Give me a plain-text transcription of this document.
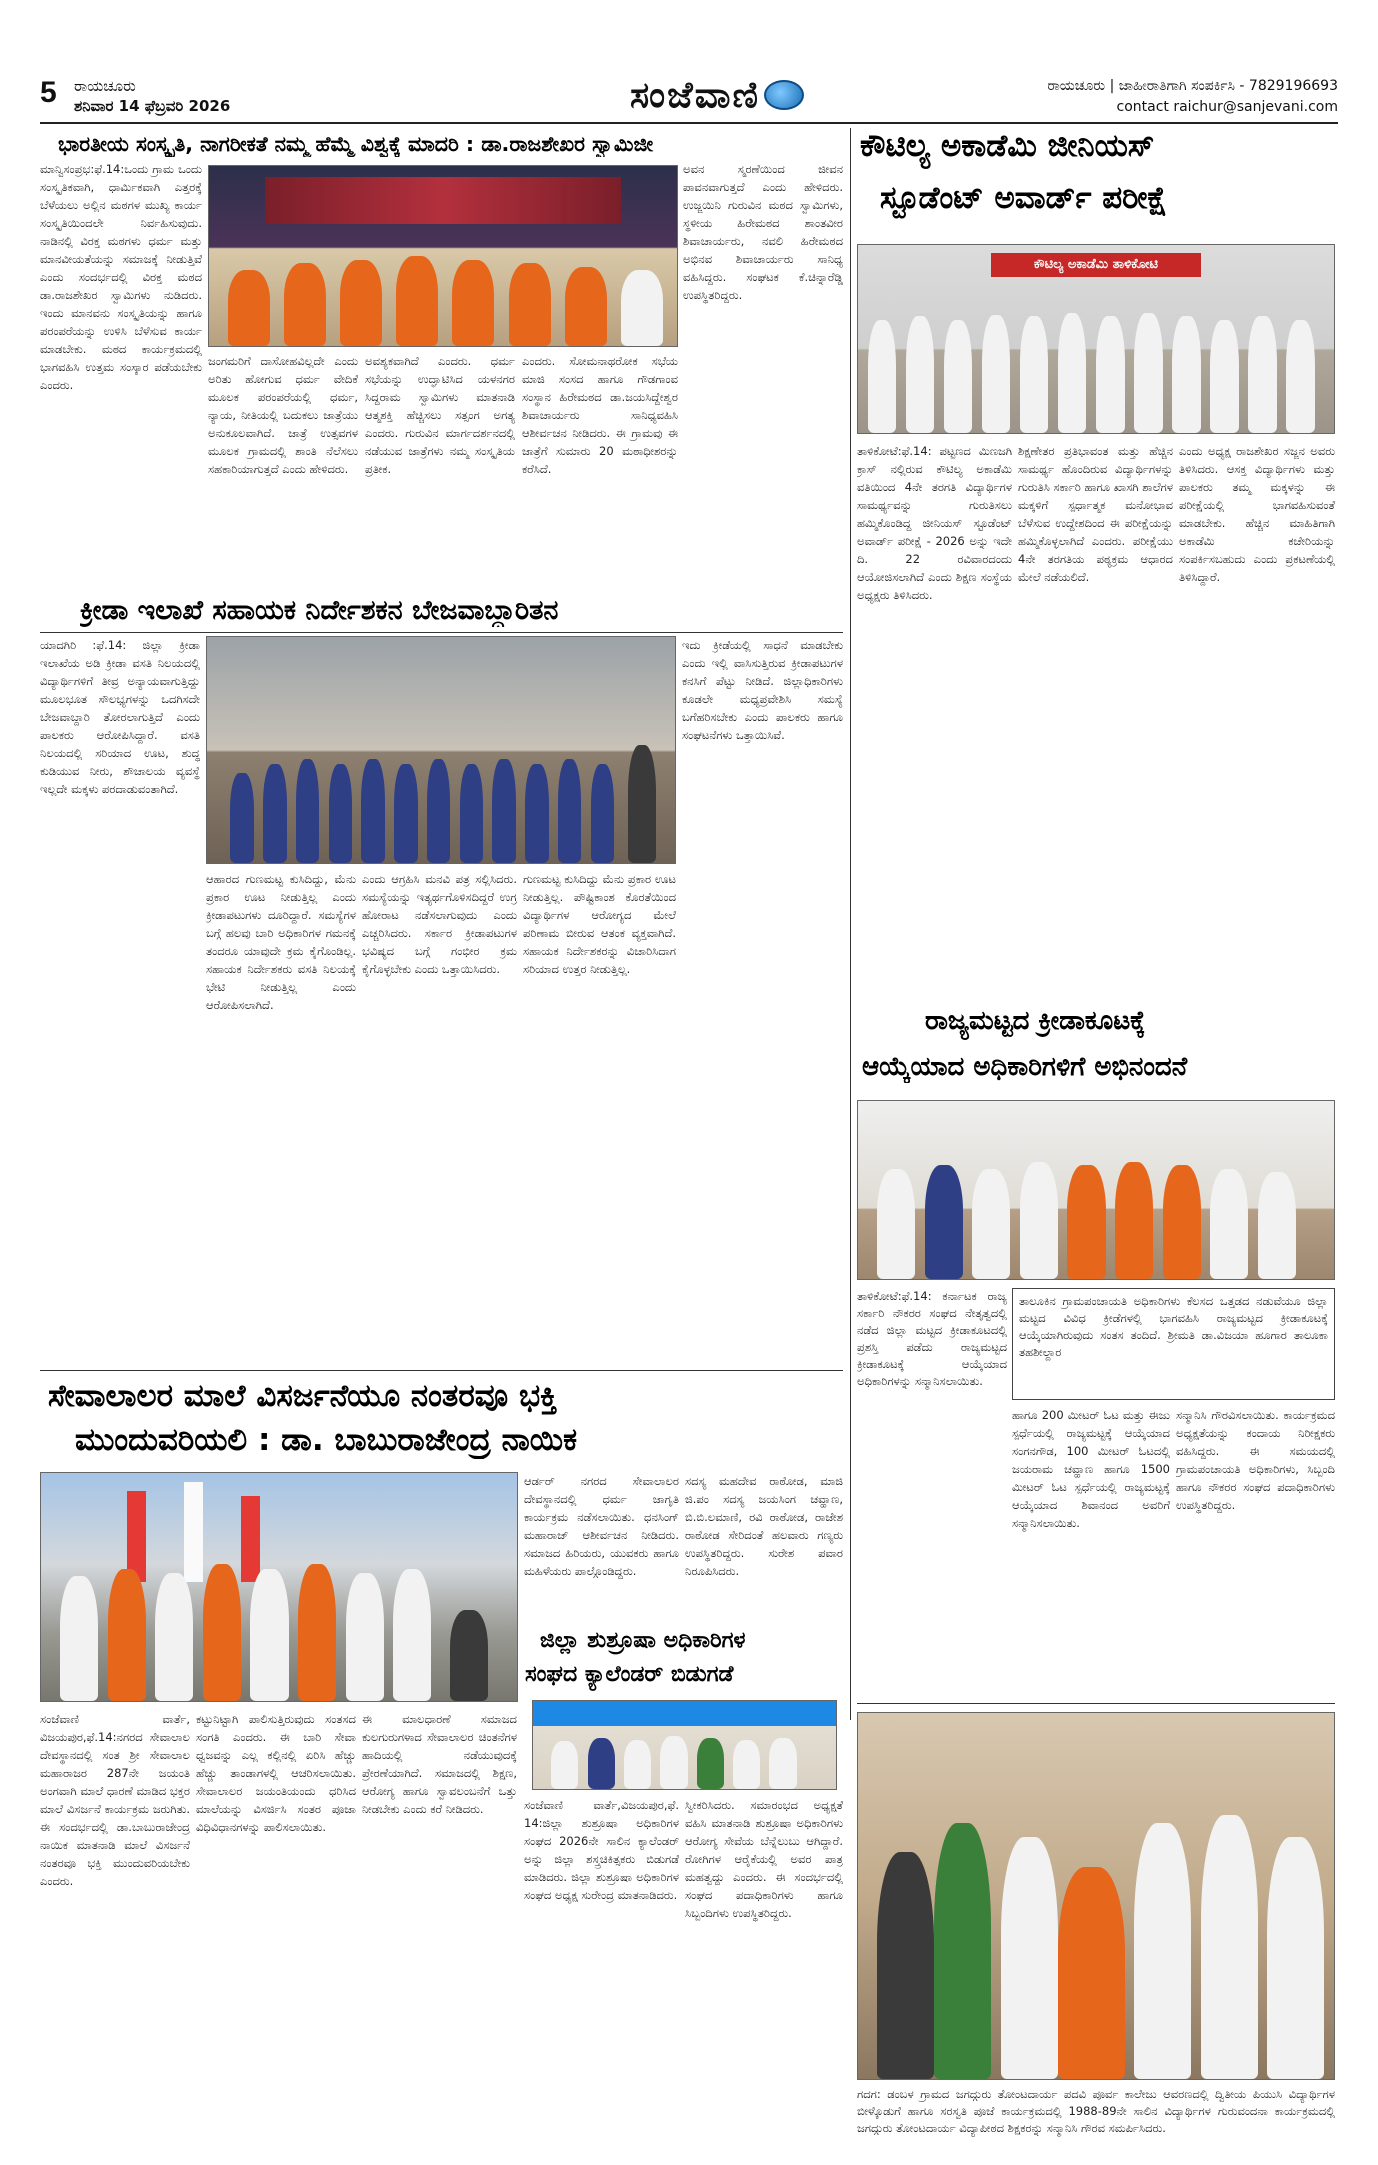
5 ರಾಯಚೂರು
ಶನಿವಾರ 14 ಫೆಬ್ರವರಿ 2026	ಸಂಜೆವಾಣಿ	ರಾಯಚೂರು | ಜಾಹೀರಾತಿಗಾಗಿ ಸಂಪರ್ಕಿಸಿ - 7829196693
contact raichur@sanjevani.com
ಭಾರತೀಯ ಸಂಸ್ಕೃತಿ, ನಾಗರೀಕತೆ ನಮ್ಮ ಹೆಮ್ಮೆ ವಿಶ್ವಕ್ಕೆ ಮಾದರಿ : ಡಾ.ರಾಜಶೇಖರ ಸ್ವಾಮಿಜೀ
ಮಾನ್ವಿಸಂಪ್ರಭ:ಫೆ.14:ಒಂದು ಗ್ರಾಮ ಒಂದು ಸಂಸ್ಕೃತಿಕವಾಗಿ, ಧಾರ್ಮಿಕವಾಗಿ ಎತ್ತರಕ್ಕೆ ಬೆಳೆಯಲು ಅಲ್ಲಿನ ಮಠಗಳ ಮುಖ್ಯ ಕಾರ್ಯ ಸಂಸ್ಕೃತಿಯಿಂದಲೇ ನಿರ್ವಹಿಸುವುದು. ನಾಡಿನಲ್ಲಿ ವಿರಕ್ತ ಮಠಗಳು ಧರ್ಮ ಮತ್ತು ಮಾನವೀಯತೆಯನ್ನು ಸಮಾಜಕ್ಕೆ ನೀಡುತ್ತಿವೆ ಎಂದು ಸಂದರ್ಭದಲ್ಲಿ ವಿರಕ್ತ ಮಠದ ಡಾ.ರಾಜಶೇಖರ ಸ್ವಾಮಿಗಳು ನುಡಿದರು. ಇಂದು ಮಾನವನು ಸಂಸ್ಕೃತಿಯನ್ನು ಹಾಗೂ ಪರಂಪರೆಯನ್ನು ಉಳಿಸಿ ಬೆಳೆಸುವ ಕಾರ್ಯ ಮಾಡಬೇಕು. ಮಠದ ಕಾರ್ಯಕ್ರಮದಲ್ಲಿ ಭಾಗವಹಿಸಿ ಉತ್ತಮ ಸಂಸ್ಕಾರ ಪಡೆಯಬೇಕು ಎಂದರು.
ಅವನ ಸ್ಮರಣೆಯಿಂದ ಜೀವನ ಪಾವನವಾಗುತ್ತದೆ ಎಂದು ಹೇಳಿದರು. ಉಜ್ಜಯಿನಿ ಗುರುವಿನ ಮಠದ ಸ್ವಾಮಿಗಳು, ಸ್ಥಳೀಯ ಹಿರೇಮಠದ ಶಾಂತವೀರ ಶಿವಾಚಾರ್ಯರು, ನವಲಿ ಹಿರೇಮಠದ ಅಭಿನವ ಶಿವಾಚಾರ್ಯರು ಸಾನಿಧ್ಯ ವಹಿಸಿದ್ದರು. ಸಂಘಟಕ ಕೆ.ಚಿನ್ನಾರೆಡ್ಡಿ ಉಪಸ್ಥಿತರಿದ್ದರು.
ಜಂಗಮರಿಗೆ ದಾಸೋಹವಿಲ್ಲದೇ ಎಂದು ಅರಿತು ಹೋಗುವ ಧರ್ಮ ವೇದಿಕೆ ಮೂಲಕ ಪರಂಪರೆಯಲ್ಲಿ ಧರ್ಮ, ನ್ಯಾಯ, ನೀತಿಯಲ್ಲಿ ಬದುಕಲು ಜಾತ್ರೆಯು ಅನುಕೂಲವಾಗಿದೆ. ಜಾತ್ರೆ ಉತ್ಸವಗಳ ಮೂಲಕ ಗ್ರಾಮದಲ್ಲಿ ಶಾಂತಿ ನೆಲೆಸಲು ಸಹಕಾರಿಯಾಗುತ್ತದೆ ಎಂದು ಹೇಳಿದರು.
ಅವಶ್ಯಕವಾಗಿದೆ ಎಂದರು. ಧರ್ಮ ಸಭೆಯನ್ನು ಉದ್ಘಾಟಿಸಿದ ಯಳನಗರ ಸಿದ್ದರಾಮ ಸ್ವಾಮಿಗಳು ಮಾತನಾಡಿ ಆತ್ಮಶಕ್ತಿ ಹೆಚ್ಚಿಸಲು ಸತ್ಸಂಗ ಅಗತ್ಯ ಎಂದರು. ಗುರುವಿನ ಮಾರ್ಗದರ್ಶನದಲ್ಲಿ ನಡೆಯುವ ಜಾತ್ರೆಗಳು ನಮ್ಮ ಸಂಸ್ಕೃತಿಯ ಪ್ರತೀಕ.
ಎಂದರು. ಸೋಮನಾಥರೋಕ ಸಭೆಯ ಮಾಜಿ ಸಂಸದ ಹಾಗೂ ಗೌಡಗಾಂವ ಸಂಸ್ಥಾನ ಹಿರೇಮಠದ ಡಾ.ಜಯಸಿದ್ದೇಶ್ವರ ಶಿವಾಚಾರ್ಯರು ಸಾನಿಧ್ಯವಹಿಸಿ ಆಶೀರ್ವಚನ ನೀಡಿದರು. ಈ ಗ್ರಾಮವು ಈ ಜಾತ್ರೆಗೆ ಸುಮಾರು 20 ಮಠಾಧೀಶರನ್ನು ಕರೆಸಿದೆ.
ಕೌಟಿಲ್ಯ ಅಕಾಡೆಮಿ ಜೀನಿಯಸ್
ಸ್ಟೂಡೆಂಟ್ ಅವಾರ್ಡ್ ಪರೀಕ್ಷೆ
ಕೌಟಿಲ್ಯ ಅಕಾಡೆಮಿ ತಾಳಿಕೋಟಿ
ತಾಳಿಕೋಟೆ:ಫೆ.14: ಪಟ್ಟಣದ ಮಿಣಜಗಿ ಕ್ರಾಸ್ ನಲ್ಲಿರುವ ಕೌಟಿಲ್ಯ ಅಕಾಡೆಮಿ ವತಿಯಿಂದ 4ನೇ ತರಗತಿ ವಿದ್ಯಾರ್ಥಿಗಳ ಸಾಮರ್ಥ್ಯವನ್ನು ಗುರುತಿಸಲು ಹಮ್ಮಿಕೊಂಡಿದ್ದ ಜೀನಿಯಸ್ ಸ್ಟೂಡೆಂಟ್ ಅವಾರ್ಡ್ ಪರೀಕ್ಷೆ - 2026 ಅನ್ನು ಇದೇ ದಿ. 22 ರವಿವಾರದಂದು ಆಯೋಜಿಸಲಾಗಿದೆ ಎಂದು ಶಿಕ್ಷಣ ಸಂಸ್ಥೆಯ ಅಧ್ಯಕ್ಷರು ತಿಳಿಸಿದರು.
ಶಿಕ್ಷಣೇತರ ಪ್ರತಿಭಾವಂತ ಮತ್ತು ಹೆಚ್ಚಿನ ಸಾಮರ್ಥ್ಯ ಹೊಂದಿರುವ ವಿದ್ಯಾರ್ಥಿಗಳನ್ನು ಗುರುತಿಸಿ ಸರ್ಕಾರಿ ಹಾಗೂ ಖಾಸಗಿ ಶಾಲೆಗಳ ಮಕ್ಕಳಿಗೆ ಸ್ಪರ್ಧಾತ್ಮಕ ಮನೋಭಾವ ಬೆಳೆಸುವ ಉದ್ದೇಶದಿಂದ ಈ ಪರೀಕ್ಷೆಯನ್ನು ಹಮ್ಮಿಕೊಳ್ಳಲಾಗಿದೆ ಎಂದರು. ಪರೀಕ್ಷೆಯು 4ನೇ ತರಗತಿಯ ಪಠ್ಯಕ್ರಮ ಆಧಾರದ ಮೇಲೆ ನಡೆಯಲಿದೆ.
ಎಂದು ಅಧ್ಯಕ್ಷ ರಾಜಶೇಖರ ಸಜ್ಜನ ಅವರು ತಿಳಿಸಿದರು. ಆಸಕ್ತ ವಿದ್ಯಾರ್ಥಿಗಳು ಮತ್ತು ಪಾಲಕರು ತಮ್ಮ ಮಕ್ಕಳನ್ನು ಈ ಪರೀಕ್ಷೆಯಲ್ಲಿ ಭಾಗವಹಿಸುವಂತೆ ಮಾಡಬೇಕು. ಹೆಚ್ಚಿನ ಮಾಹಿತಿಗಾಗಿ ಅಕಾಡೆಮಿ ಕಚೇರಿಯನ್ನು ಸಂಪರ್ಕಿಸಬಹುದು ಎಂದು ಪ್ರಕಟಣೆಯಲ್ಲಿ ತಿಳಿಸಿದ್ದಾರೆ.
ಕ್ರೀಡಾ ಇಲಾಖೆ ಸಹಾಯಕ ನಿರ್ದೇಶಕನ ಬೇಜವಾಬ್ದಾರಿತನ
ಯಾದಗಿರಿ :ಫೆ.14: ಜಿಲ್ಲಾ ಕ್ರೀಡಾ ಇಲಾಖೆಯ ಅಡಿ ಕ್ರೀಡಾ ವಸತಿ ನಿಲಯದಲ್ಲಿ ವಿದ್ಯಾರ್ಥಿಗಳಿಗೆ ತೀವ್ರ ಅನ್ಯಾಯವಾಗುತ್ತಿದ್ದು ಮೂಲಭೂತ ಸೌಲಭ್ಯಗಳನ್ನು ಒದಗಿಸದೇ ಬೇಜವಾಬ್ದಾರಿ ತೋರಲಾಗುತ್ತಿದೆ ಎಂದು ಪಾಲಕರು ಆರೋಪಿಸಿದ್ದಾರೆ. ವಸತಿ ನಿಲಯದಲ್ಲಿ ಸರಿಯಾದ ಊಟ, ಶುದ್ಧ ಕುಡಿಯುವ ನೀರು, ಶೌಚಾಲಯ ವ್ಯವಸ್ಥೆ ಇಲ್ಲದೇ ಮಕ್ಕಳು ಪರದಾಡುವಂತಾಗಿದೆ.
ಇದು ಕ್ರೀಡೆಯಲ್ಲಿ ಸಾಧನೆ ಮಾಡಬೇಕು ಎಂದು ಇಲ್ಲಿ ವಾಸಿಸುತ್ತಿರುವ ಕ್ರೀಡಾಪಟುಗಳ ಕನಸಿಗೆ ಪೆಟ್ಟು ನೀಡಿದೆ. ಜಿಲ್ಲಾಧಿಕಾರಿಗಳು ಕೂಡಲೇ ಮಧ್ಯಪ್ರವೇಶಿಸಿ ಸಮಸ್ಯೆ ಬಗೆಹರಿಸಬೇಕು ಎಂದು ಪಾಲಕರು ಹಾಗೂ ಸಂಘಟನೆಗಳು ಒತ್ತಾಯಿಸಿವೆ.
ಆಹಾರದ ಗುಣಮಟ್ಟ ಕುಸಿದಿದ್ದು, ಮೆನು ಪ್ರಕಾರ ಊಟ ನೀಡುತ್ತಿಲ್ಲ ಎಂದು ಕ್ರೀಡಾಪಟುಗಳು ದೂರಿದ್ದಾರೆ. ಸಮಸ್ಯೆಗಳ ಬಗ್ಗೆ ಹಲವು ಬಾರಿ ಅಧಿಕಾರಿಗಳ ಗಮನಕ್ಕೆ ತಂದರೂ ಯಾವುದೇ ಕ್ರಮ ಕೈಗೊಂಡಿಲ್ಲ. ಸಹಾಯಕ ನಿರ್ದೇಶಕರು ವಸತಿ ನಿಲಯಕ್ಕೆ ಭೇಟಿ ನೀಡುತ್ತಿಲ್ಲ ಎಂದು ಆರೋಪಿಸಲಾಗಿದೆ.
ಎಂದು ಆಗ್ರಹಿಸಿ ಮನವಿ ಪತ್ರ ಸಲ್ಲಿಸಿದರು. ಸಮಸ್ಯೆಯನ್ನು ಇತ್ಯರ್ಥಗೊಳಿಸದಿದ್ದರೆ ಉಗ್ರ ಹೋರಾಟ ನಡೆಸಲಾಗುವುದು ಎಂದು ಎಚ್ಚರಿಸಿದರು. ಸರ್ಕಾರ ಕ್ರೀಡಾಪಟುಗಳ ಭವಿಷ್ಯದ ಬಗ್ಗೆ ಗಂಭೀರ ಕ್ರಮ ಕೈಗೊಳ್ಳಬೇಕು ಎಂದು ಒತ್ತಾಯಿಸಿದರು.
ಗುಣಮಟ್ಟ ಕುಸಿದಿದ್ದು ಮೆನು ಪ್ರಕಾರ ಊಟ ನೀಡುತ್ತಿಲ್ಲ. ಪೌಷ್ಟಿಕಾಂಶ ಕೊರತೆಯಿಂದ ವಿದ್ಯಾರ್ಥಿಗಳ ಆರೋಗ್ಯದ ಮೇಲೆ ಪರಿಣಾಮ ಬೀರುವ ಆತಂಕ ವ್ಯಕ್ತವಾಗಿದೆ. ಸಹಾಯಕ ನಿರ್ದೇಶಕರನ್ನು ವಿಚಾರಿಸಿದಾಗ ಸರಿಯಾದ ಉತ್ತರ ನೀಡುತ್ತಿಲ್ಲ.
ರಾಜ್ಯಮಟ್ಟದ ಕ್ರೀಡಾಕೂಟಕ್ಕೆ
ಆಯ್ಕೆಯಾದ ಅಧಿಕಾರಿಗಳಿಗೆ ಅಭಿನಂದನೆ
ತಾಳಿಕೋಟೆ:ಫೆ.14: ಕರ್ನಾಟಕ ರಾಜ್ಯ ಸರ್ಕಾರಿ ನೌಕರರ ಸಂಘದ ನೇತೃತ್ವದಲ್ಲಿ ನಡೆದ ಜಿಲ್ಲಾ ಮಟ್ಟದ ಕ್ರೀಡಾಕೂಟದಲ್ಲಿ ಪ್ರಶಸ್ತಿ ಪಡೆದು ರಾಜ್ಯಮಟ್ಟದ ಕ್ರೀಡಾಕೂಟಕ್ಕೆ ಆಯ್ಕೆಯಾದ ಅಧಿಕಾರಿಗಳನ್ನು ಸನ್ಮಾನಿಸಲಾಯಿತು.
ತಾಲೂಕಿನ ಗ್ರಾಮಪಂಚಾಯತಿ ಅಧಿಕಾರಿಗಳು ಕೆಲಸದ ಒತ್ತಡದ ನಡುವೆಯೂ ಜಿಲ್ಲಾ ಮಟ್ಟದ ವಿವಿಧ ಕ್ರೀಡೆಗಳಲ್ಲಿ ಭಾಗವಹಿಸಿ ರಾಜ್ಯಮಟ್ಟದ ಕ್ರೀಡಾಕೂಟಕ್ಕೆ ಆಯ್ಕೆಯಾಗಿರುವುದು ಸಂತಸ ತಂದಿದೆ. ಶ್ರೀಮತಿ ಡಾ.ವಿಜಯಾ ಹೂಗಾರ ತಾಲೂಕಾ ತಹಶೀಲ್ದಾರ
ಹಾಗೂ 200 ಮೀಟರ್ ಓಟ ಮತ್ತು ಈಜು ಸ್ಪರ್ಧೆಯಲ್ಲಿ ರಾಜ್ಯಮಟ್ಟಕ್ಕೆ ಆಯ್ಕೆಯಾದ ಸಂಗನಗೌಡ, 100 ಮೀಟರ್ ಓಟದಲ್ಲಿ ಜಯರಾಮ ಚವ್ಹಾಣ ಹಾಗೂ 1500 ಮೀಟರ್ ಓಟ ಸ್ಪರ್ಧೆಯಲ್ಲಿ ರಾಜ್ಯಮಟ್ಟಕ್ಕೆ ಆಯ್ಕೆಯಾದ ಶಿವಾನಂದ ಅವರಿಗೆ ಸನ್ಮಾನಿಸಲಾಯಿತು.
ಸನ್ಮಾನಿಸಿ ಗೌರವಿಸಲಾಯಿತು. ಕಾರ್ಯಕ್ರಮದ ಅಧ್ಯಕ್ಷತೆಯನ್ನು ಕಂದಾಯ ನಿರೀಕ್ಷಕರು ವಹಿಸಿದ್ದರು. ಈ ಸಮಯದಲ್ಲಿ ಗ್ರಾಮಪಂಚಾಯತಿ ಅಧಿಕಾರಿಗಳು, ಸಿಬ್ಬಂದಿ ಹಾಗೂ ನೌಕರರ ಸಂಘದ ಪದಾಧಿಕಾರಿಗಳು ಉಪಸ್ಥಿತರಿದ್ದರು.
ಸೇವಾಲಾಲರ ಮಾಲೆ ವಿಸರ್ಜನೆಯೂ ನಂತರವೂ ಭಕ್ತಿ
ಮುಂದುವರಿಯಲಿ : ಡಾ. ಬಾಬುರಾಜೇಂದ್ರ ನಾಯಿಕ
ಆರ್ಡರ್ ನಗರದ ಸೇವಾಲಾಲರ ದೇವಸ್ಥಾನದಲ್ಲಿ ಧರ್ಮ ಜಾಗೃತಿ ಕಾರ್ಯಕ್ರಮ ನಡೆಸಲಾಯಿತು. ಧನಸಿಂಗ್ ಮಹಾರಾಜ್ ಆಶೀರ್ವಚನ ನೀಡಿದರು. ಸಮಾಜದ ಹಿರಿಯರು, ಯುವಕರು ಹಾಗೂ ಮಹಿಳೆಯರು ಪಾಲ್ಗೊಂಡಿದ್ದರು.
ಸದಸ್ಯ ಮಹದೇವ ರಾಠೋಡ, ಮಾಜಿ ಜಿ.ಪಂ ಸದಸ್ಯ ಜಯಸಿಂಗ ಚವ್ಹಾಣ, ಬಿ.ಬಿ.ಲಮಾಣಿ, ರವಿ ರಾಠೋಡ, ರಾಜೇಶ ರಾಠೋಡ ಸೇರಿದಂತೆ ಹಲವಾರು ಗಣ್ಯರು ಉಪಸ್ಥಿತರಿದ್ದರು. ಸುರೇಶ ಪವಾರ ನಿರೂಪಿಸಿದರು.
ಸಂಜೆವಾಣಿ ವಾರ್ತೆ, ವಿಜಯಪುರ,ಫೆ.14:ನಗರದ ಸೇವಾಲಾಲ ದೇವಸ್ಥಾನದಲ್ಲಿ ಸಂತ ಶ್ರೀ ಸೇವಾಲಾಲ ಮಹಾರಾಜರ 287ನೇ ಜಯಂತಿ ಅಂಗವಾಗಿ ಮಾಲೆ ಧಾರಣೆ ಮಾಡಿದ ಭಕ್ತರ ಮಾಲೆ ವಿಸರ್ಜನೆ ಕಾರ್ಯಕ್ರಮ ಜರುಗಿತು. ಈ ಸಂದರ್ಭದಲ್ಲಿ ಡಾ.ಬಾಬುರಾಜೇಂದ್ರ ನಾಯಿಕ ಮಾತನಾಡಿ ಮಾಲೆ ವಿಸರ್ಜನೆ ನಂತರವೂ ಭಕ್ತಿ ಮುಂದುವರಿಯಬೇಕು ಎಂದರು.
ಕಟ್ಟುನಿಟ್ಟಾಗಿ ಪಾಲಿಸುತ್ತಿರುವುದು ಸಂತಸದ ಸಂಗತಿ ಎಂದರು. ಈ ಬಾರಿ ಸೇವಾ ಧ್ವಜವನ್ನು ಎಲ್ಲ ಕಲ್ಲಿನಲ್ಲಿ ಏರಿಸಿ ಹೆಚ್ಚು ಹೆಚ್ಚು ತಾಂಡಾಗಳಲ್ಲಿ ಆಚರಿಸಲಾಯಿತು. ಸೇವಾಲಾಲರ ಜಯಂತಿಯಂದು ಧರಿಸಿದ ಮಾಲೆಯನ್ನು ವಿಸರ್ಜಿಸಿ ಸಂತರ ಪೂಜಾ ವಿಧಿವಿಧಾನಗಳನ್ನು ಪಾಲಿಸಲಾಯಿತು.
ಈ ಮಾಲಧಾರಣೆ ಸಮಾಜದ ಕುಲಗುರುಗಳಾದ ಸೇವಾಲಾಲರ ಚಿಂತನೆಗಳ ಹಾದಿಯಲ್ಲಿ ನಡೆಯುವುದಕ್ಕೆ ಪ್ರೇರಣೆಯಾಗಿದೆ. ಸಮಾಜದಲ್ಲಿ ಶಿಕ್ಷಣ, ಆರೋಗ್ಯ ಹಾಗೂ ಸ್ವಾವಲಂಬನೆಗೆ ಒತ್ತು ನೀಡಬೇಕು ಎಂದು ಕರೆ ನೀಡಿದರು.
ಜಿಲ್ಲಾ ಶುಶ್ರೂಷಾ ಅಧಿಕಾರಿಗಳ
ಸಂಘದ ಕ್ಯಾಲೆಂಡರ್ ಬಿಡುಗಡೆ
ಸಂಜೆವಾಣಿ ವಾರ್ತೆ,ವಿಜಯಪುರ,ಫೆ. 14:ಜಿಲ್ಲಾ ಶುಶ್ರೂಷಾ ಅಧಿಕಾರಿಗಳ ಸಂಘದ 2026ನೇ ಸಾಲಿನ ಕ್ಯಾಲೆಂಡರ್ ಅನ್ನು ಜಿಲ್ಲಾ ಶಸ್ತ್ರಚಿಕಿತ್ಸಕರು ಬಿಡುಗಡೆ ಮಾಡಿದರು. ಜಿಲ್ಲಾ ಶುಶ್ರೂಷಾ ಅಧಿಕಾರಿಗಳ ಸಂಘದ ಅಧ್ಯಕ್ಷ ಸುರೇಂದ್ರ ಮಾತನಾಡಿದರು.
ಸ್ವೀಕರಿಸಿದರು. ಸಮಾರಂಭದ ಅಧ್ಯಕ್ಷತೆ ವಹಿಸಿ ಮಾತನಾಡಿ ಶುಶ್ರೂಷಾ ಅಧಿಕಾರಿಗಳು ಆರೋಗ್ಯ ಸೇವೆಯ ಬೆನ್ನೆಲುಬು ಆಗಿದ್ದಾರೆ. ರೋಗಿಗಳ ಆರೈಕೆಯಲ್ಲಿ ಅವರ ಪಾತ್ರ ಮಹತ್ವದ್ದು ಎಂದರು. ಈ ಸಂದರ್ಭದಲ್ಲಿ ಸಂಘದ ಪದಾಧಿಕಾರಿಗಳು ಹಾಗೂ ಸಿಬ್ಬಂದಿಗಳು ಉಪಸ್ಥಿತರಿದ್ದರು.
ಗದಗ: ಡಂಬಳ ಗ್ರಾಮದ ಜಗದ್ಗುರು ತೋಂಟದಾರ್ಯ ಪದವಿ ಪೂರ್ವ ಕಾಲೇಜು ಆವರಣದಲ್ಲಿ ದ್ವಿತೀಯ ಪಿಯುಸಿ ವಿದ್ಯಾರ್ಥಿಗಳ ಬೀಳ್ಕೊಡುಗೆ ಹಾಗೂ ಸರಸ್ವತಿ ಪೂಜೆ ಕಾರ್ಯಕ್ರಮದಲ್ಲಿ 1988-89ನೇ ಸಾಲಿನ ವಿದ್ಯಾರ್ಥಿಗಳ ಗುರುವಂದನಾ ಕಾರ್ಯಕ್ರಮದಲ್ಲಿ ಜಗದ್ಗುರು ತೋಂಟದಾರ್ಯ ವಿದ್ಯಾಪೀಠದ ಶಿಕ್ಷಕರನ್ನು ಸನ್ಮಾನಿಸಿ ಗೌರವ ಸಮರ್ಪಿಸಿದರು.
